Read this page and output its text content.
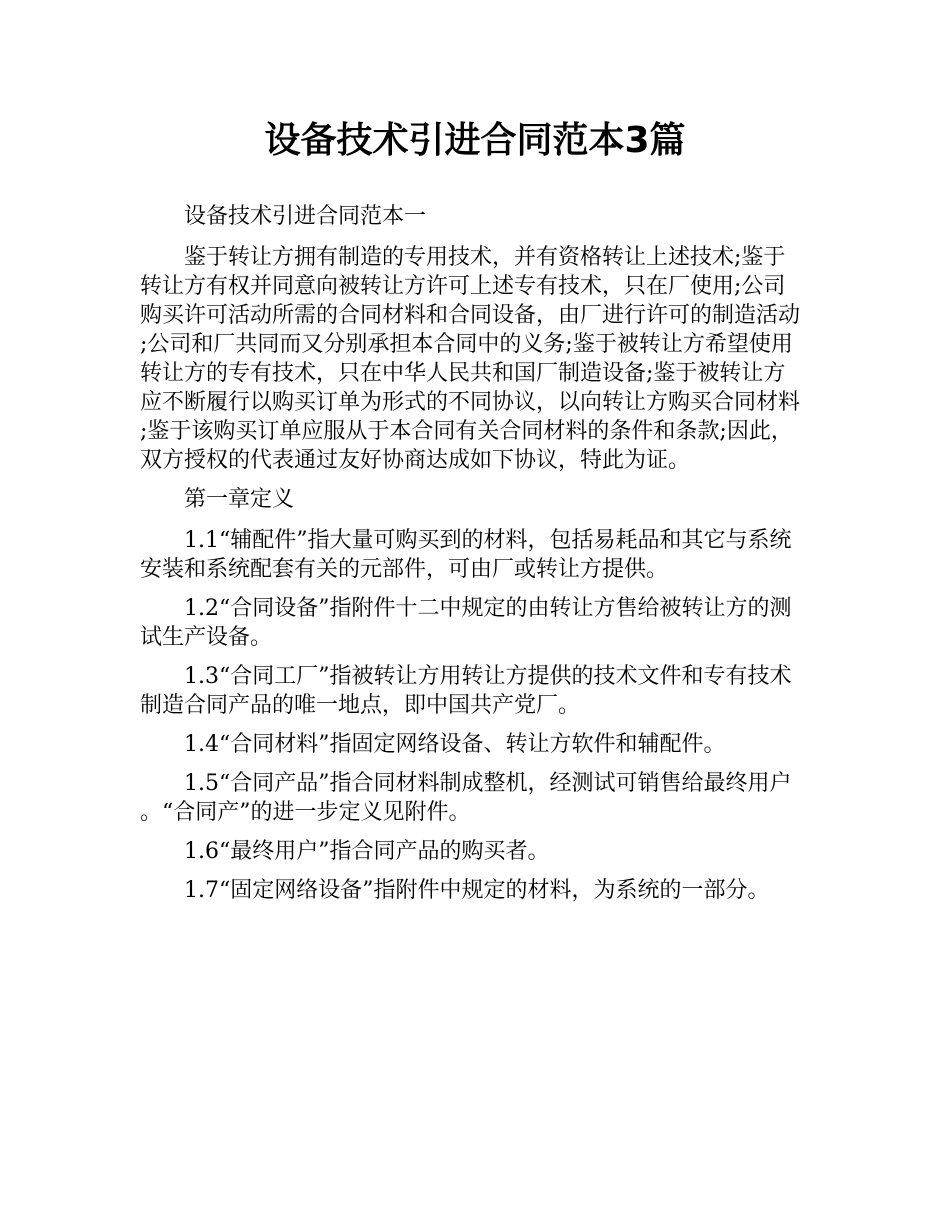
设备技术引进合同范本3篇

设备技术引进合同范本一

鉴于转让方拥有制造的专用技术，并有资格转让上述技术;鉴于转让方有权并同意向被转让方许可上述专有技术，只在厂使用;公司购买许可活动所需的合同材料和合同设备，由厂进行许可的制造活动;公司和厂共同而又分别承担本合同中的义务;鉴于被转让方希望使用转让方的专有技术，只在中华人民共和国厂制造设备;鉴于被转让方应不断履行以购买订单为形式的不同协议，以向转让方购买合同材料;鉴于该购买订单应服从于本合同有关合同材料的条件和条款;因此，双方授权的代表通过友好协商达成如下协议，特此为证。

第一章定义

1.1“辅配件”指大量可购买到的材料，包括易耗品和其它与系统安装和系统配套有关的元部件，可由厂或转让方提供。

1.2“合同设备”指附件十二中规定的由转让方售给被转让方的测试生产设备。

1.3“合同工厂”指被转让方用转让方提供的技术文件和专有技术制造合同产品的唯一地点，即中国共产党厂。

1.4“合同材料”指固定网络设备、转让方软件和辅配件。

1.5“合同产品”指合同材料制成整机，经测试可销售给最终用户。“合同产”的进一步定义见附件。

1.6“最终用户”指合同产品的购买者。

1.7“固定网络设备”指附件中规定的材料，为系统的一部分。
